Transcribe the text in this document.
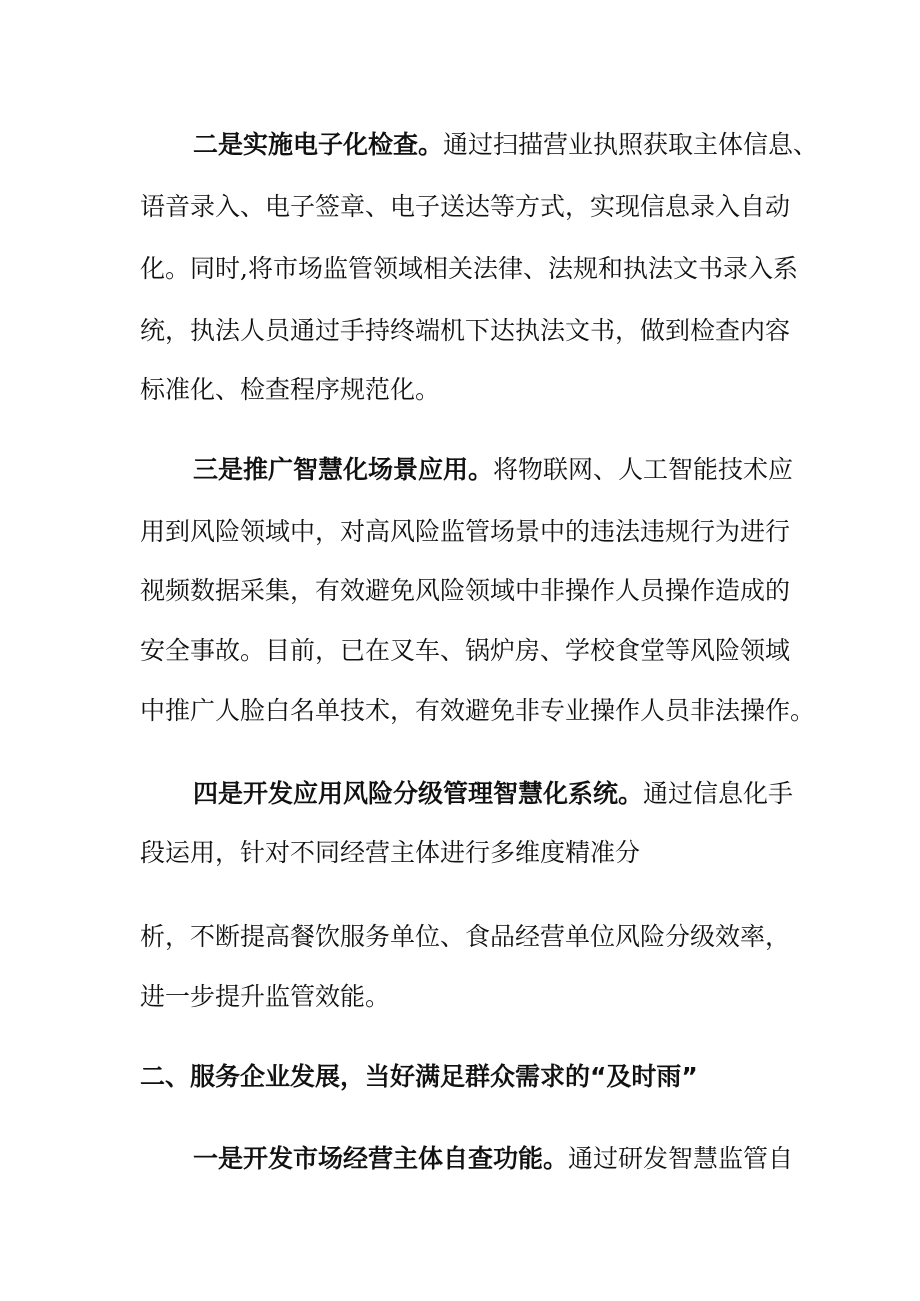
二是实施电子化检查。通过扫描营业执照获取主体信息、
语音录入、电子签章、电子送达等方式，实现信息录入自动
化。同时,将市场监管领域相关法律、法规和执法文书录入系
统，执法人员通过手持终端机下达执法文书，做到检查内容
标准化、检查程序规范化。
三是推广智慧化场景应用。将物联网、人工智能技术应
用到风险领域中，对高风险监管场景中的违法违规行为进行
视频数据采集，有效避免风险领域中非操作人员操作造成的
安全事故。目前，已在叉车、锅炉房、学校食堂等风险领域
中推广人脸白名单技术，有效避免非专业操作人员非法操作。
四是开发应用风险分级管理智慧化系统。通过信息化手
段运用，针对不同经营主体进行多维度精准分
析，不断提高餐饮服务单位、食品经营单位风险分级效率，
进一步提升监管效能。
二、服务企业发展，当好满足群众需求的“及时雨”
一是开发市场经营主体自查功能。通过研发智慧监管自
